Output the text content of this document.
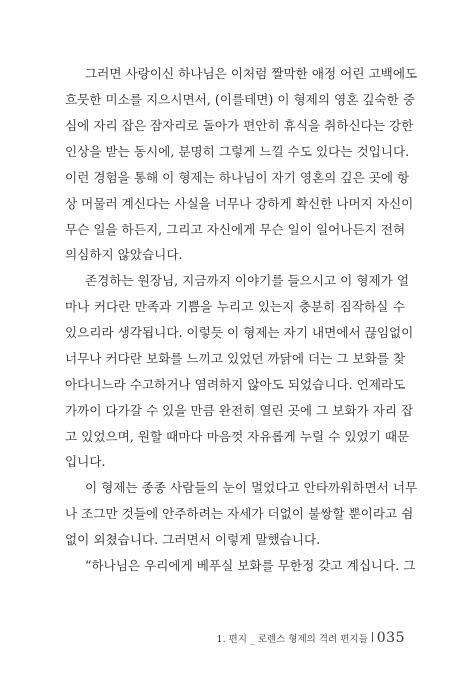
그러면 사랑이신 하나님은 이처럼 짤막한 애정 어린 고백에도
흐뭇한 미소를 지으시면서, (이를테면) 이 형제의 영혼 깊숙한 중
심에 자리 잡은 잠자리로 돌아가 편안히 휴식을 취하신다는 강한
인상을 받는 동시에, 분명히 그렇게 느낄 수도 있다는 것입니다.
이런 경험을 통해 이 형제는 하나님이 자기 영혼의 깊은 곳에 항
상 머물러 계신다는 사실을 너무나 강하게 확신한 나머지 자신이
무슨 일을 하든지, 그리고 자신에게 무슨 일이 일어나든지 전혀
의심하지 않았습니다.
존경하는 원장님, 지금까지 이야기를 들으시고 이 형제가 얼
마나 커다란 만족과 기쁨을 누리고 있는지 충분히 짐작하실 수
있으리라 생각됩니다. 이렇듯 이 형제는 자기 내면에서 끊임없이
너무나 커다란 보화를 느끼고 있었던 까닭에 더는 그 보화를 찾
아다니느라 수고하거나 염려하지 않아도 되었습니다. 언제라도
가까이 다가갈 수 있을 만큼 완전히 열린 곳에 그 보화가 자리 잡
고 있었으며, 원할 때마다 마음껏 자유롭게 누릴 수 있었기 때문
입니다.
이 형제는 종종 사람들의 눈이 멀었다고 안타까워하면서 너무
나 조그만 것들에 안주하려는 자세가 더없이 불쌍할 뿐이라고 쉼
없이 외쳤습니다. 그러면서 이렇게 말했습니다.
“하나님은 우리에게 베푸실 보화를 무한정 갖고 계십니다. 그
1. 편지 _ 로렌스 형제의 격려 편지들 035
